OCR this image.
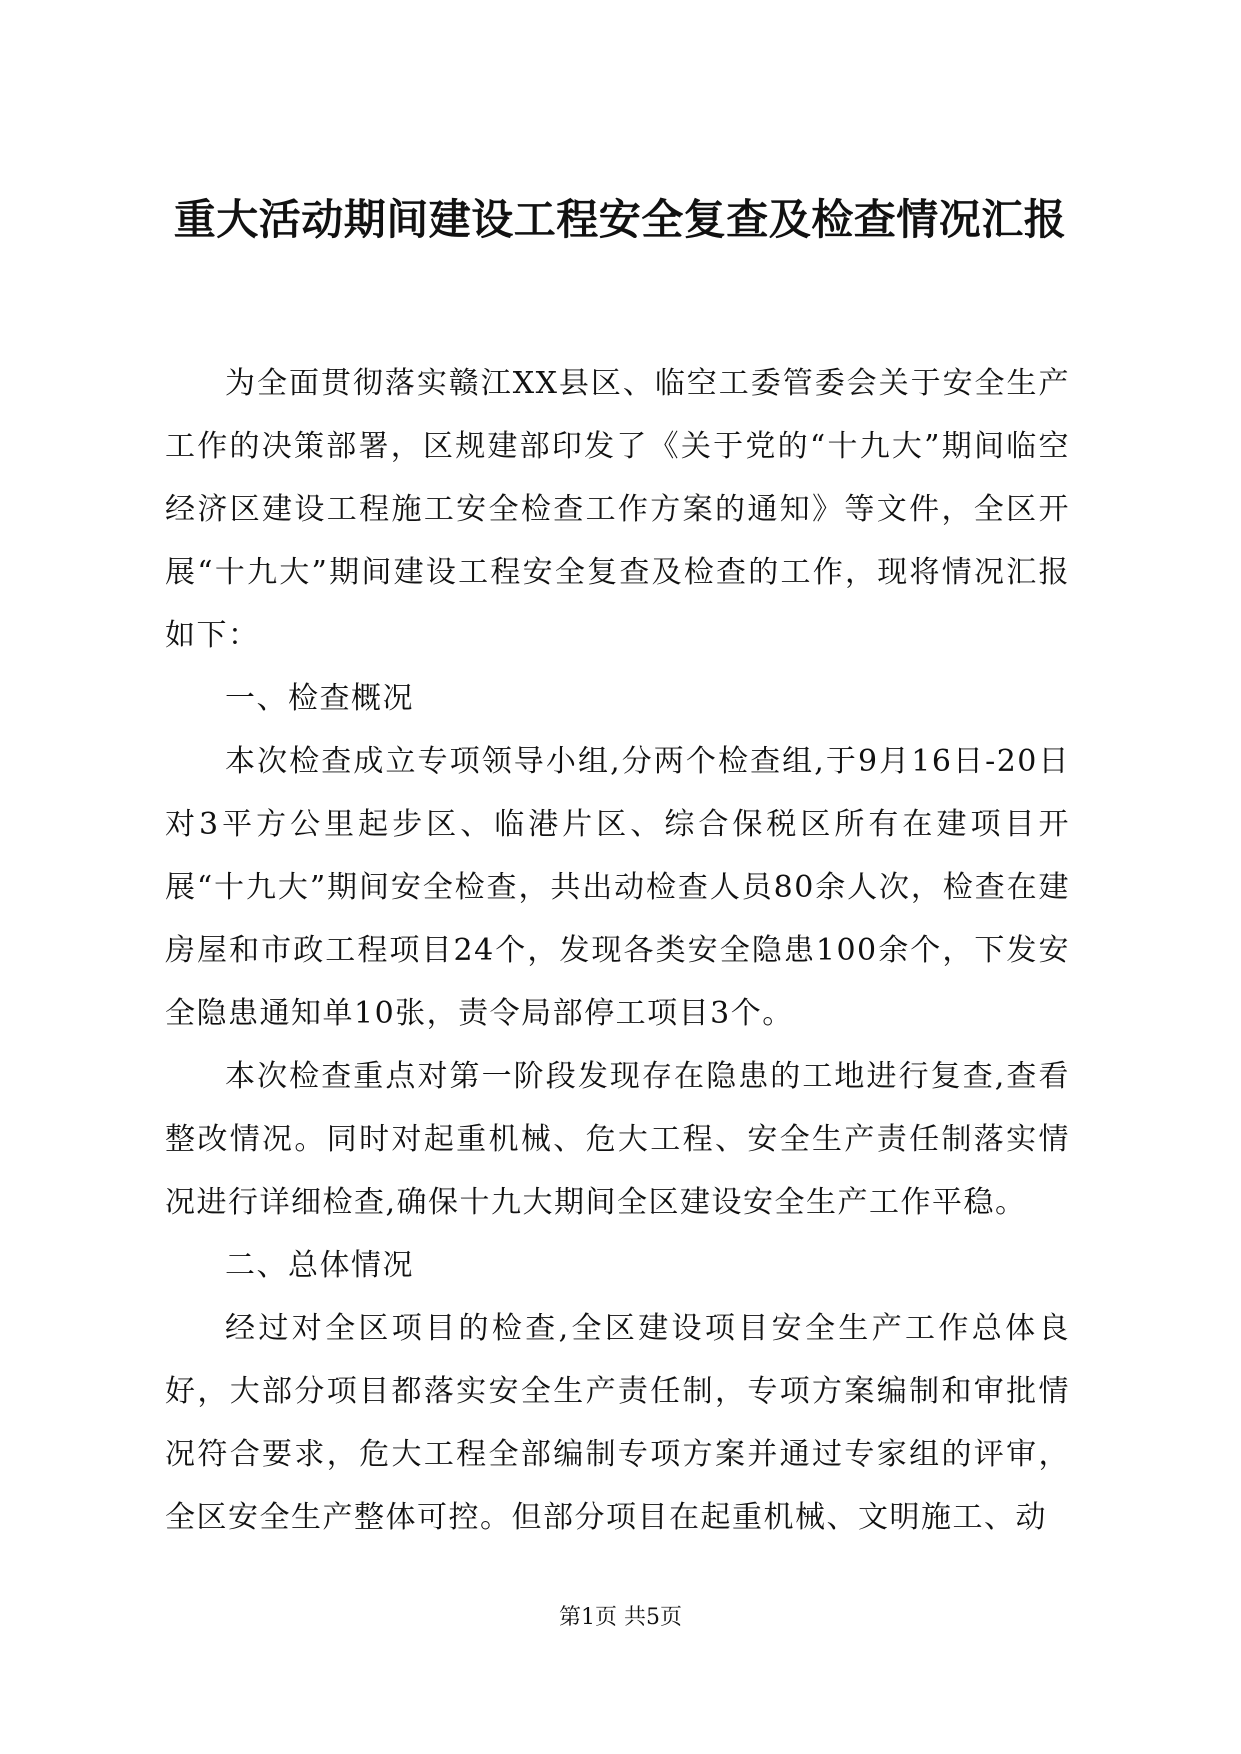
重大活动期间建设工程安全复查及检查情况汇报

为全面贯彻落实赣江XX县区、临空工委管委会关于安全生产工作的决策部署，区规建部印发了《关于党的“十九大”期间临空经济区建设工程施工安全检查工作方案的通知》等文件，全区开展“十九大”期间建设工程安全复查及检查的工作，现将情况汇报如下：

一、检查概况

本次检查成立专项领导小组,分两个检查组,于9月16日-20日对3平方公里起步区、临港片区、综合保税区所有在建项目开展“十九大”期间安全检查，共出动检查人员80余人次，检查在建房屋和市政工程项目24个，发现各类安全隐患100余个，下发安全隐患通知单10张，责令局部停工项目3个。

本次检查重点对第一阶段发现存在隐患的工地进行复查,查看整改情况。同时对起重机械、危大工程、安全生产责任制落实情况进行详细检查,确保十九大期间全区建设安全生产工作平稳。

二、总体情况

经过对全区项目的检查,全区建设项目安全生产工作总体良好，大部分项目都落实安全生产责任制，专项方案编制和审批情况符合要求，危大工程全部编制专项方案并通过专家组的评审，全区安全生产整体可控。但部分项目在起重机械、文明施工、动

第1页 共5页
